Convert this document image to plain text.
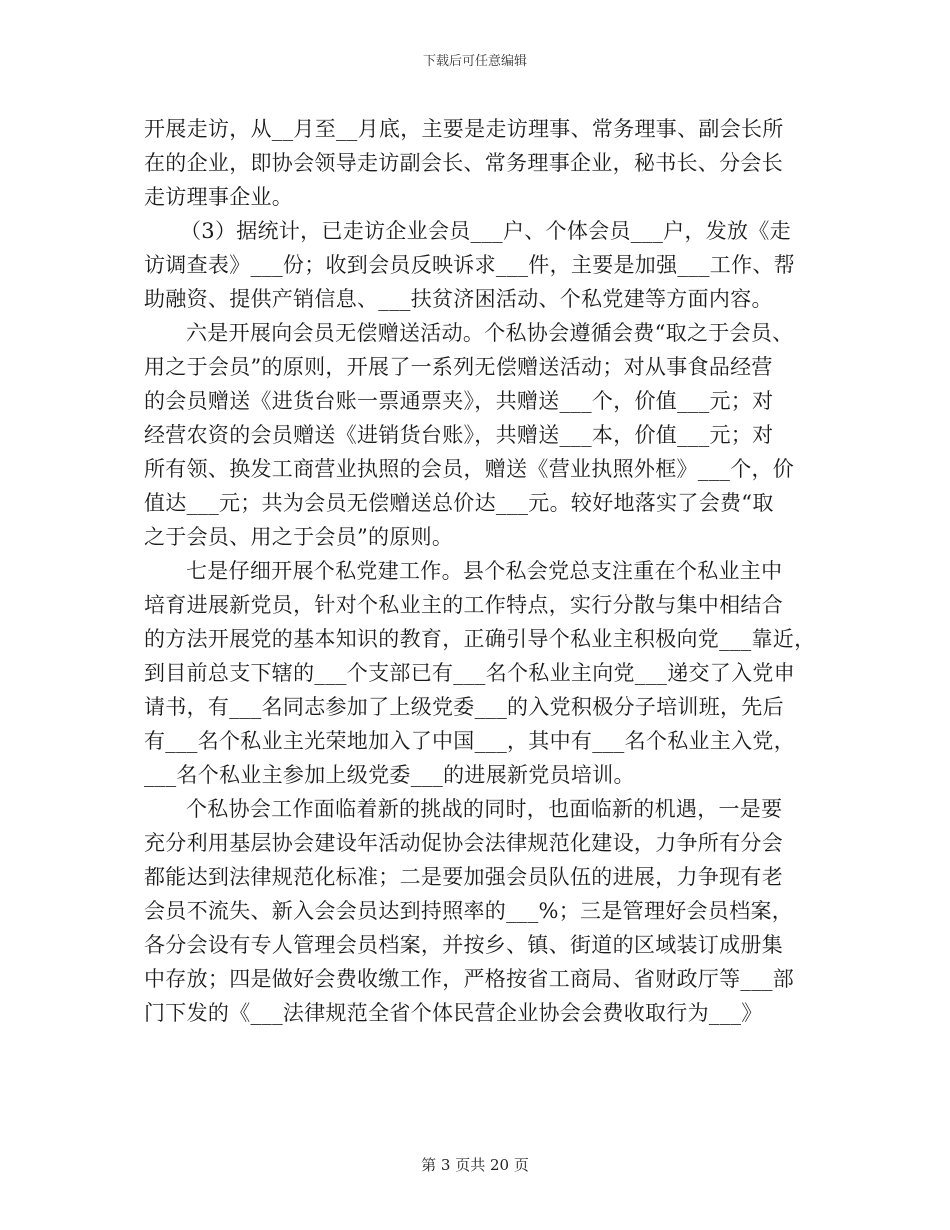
下载后可任意编辑
开展走访，从__月至__月底，主要是走访理事、常务理事、副会长所
在的企业，即协会领导走访副会长、常务理事企业，秘书长、分会长
走访理事企业。
（3）据统计，已走访企业会员___户、个体会员___户，发放《走
访调查表》___份；收到会员反映诉求___件，主要是加强___工作、帮
助融资、提供产销信息、___扶贫济困活动、个私党建等方面内容。
六是开展向会员无偿赠送活动。个私协会遵循会费“取之于会员、
用之于会员”的原则，开展了一系列无偿赠送活动；对从事食品经营
的会员赠送《进货台账一票通票夹》，共赠送___个，价值___元；对
经营农资的会员赠送《进销货台账》，共赠送___本，价值___元；对
所有领、换发工商营业执照的会员，赠送《营业执照外框》___个，价
值达___元；共为会员无偿赠送总价达___元。较好地落实了会费“取
之于会员、用之于会员”的原则。
七是仔细开展个私党建工作。县个私会党总支注重在个私业主中
培育进展新党员，针对个私业主的工作特点，实行分散与集中相结合
的方法开展党的基本知识的教育，正确引导个私业主积极向党___靠近，
到目前总支下辖的___个支部已有___名个私业主向党___递交了入党申
请书，有___名同志参加了上级党委___的入党积极分子培训班，先后
有___名个私业主光荣地加入了中国___，其中有___名个私业主入党，
___名个私业主参加上级党委___的进展新党员培训。
个私协会工作面临着新的挑战的同时，也面临新的机遇，一是要
充分利用基层协会建设年活动促协会法律规范化建设，力争所有分会
都能达到法律规范化标准；二是要加强会员队伍的进展，力争现有老
会员不流失、新入会会员达到持照率的___%；三是管理好会员档案，
各分会设有专人管理会员档案，并按乡、镇、街道的区域装订成册集
中存放；四是做好会费收缴工作，严格按省工商局、省财政厅等___部
门下发的《___法律规范全省个体民营企业协会会费收取行为___》
第 3 页共 20 页
